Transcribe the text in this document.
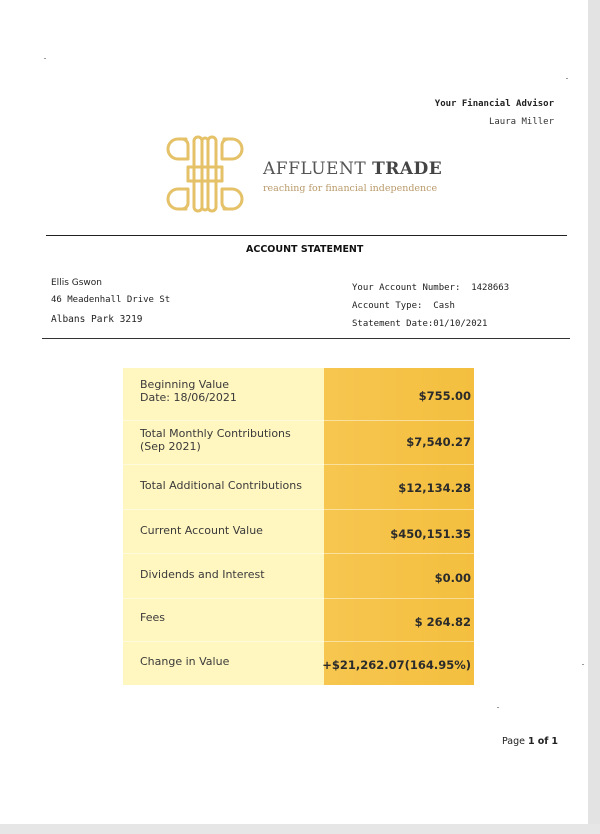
Your Financial Advisor
Laura Miller
AFFLUENT TRADE
reaching for financial independence
ACCOUNT STATEMENT
Ellis Gswon
46 Meadenhall Drive St
Albans Park 3219
Your Account Number:  1428663
Account Type:  Cash
Statement Date:01/10/2021
Beginning Value
Date: 18/06/2021	$755.00
Total Monthly Contributions
(Sep 2021)	$7,540.27
Total Additional Contributions	$12,134.28
Current Account Value	$450,151.35
Dividends and Interest	$0.00
Fees	$ 264.82
Change in Value	+$21,262.07(164.95%)
Page 1 of 1
